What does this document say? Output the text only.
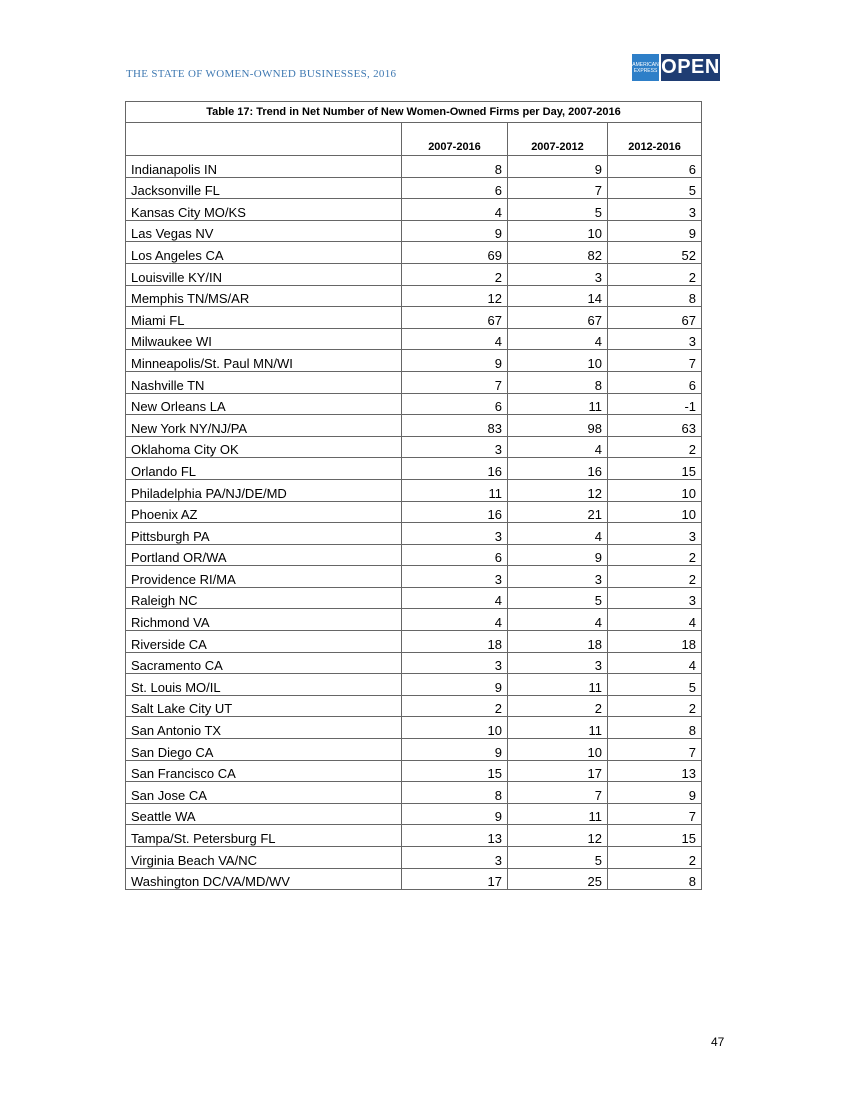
THE STATE OF WOMEN-OWNED BUSINESSES, 2016
AMERICAN EXPRESS OPEN
Table 17: Trend in Net Number of New Women-Owned Firms per Day, 2007-2016			
	2007-2016	2007-2012	2012-2016
Indianapolis IN	8	9	6
Jacksonville FL	6	7	5
Kansas City MO/KS	4	5	3
Las Vegas NV	9	10	9
Los Angeles CA	69	82	52
Louisville KY/IN	2	3	2
Memphis TN/MS/AR	12	14	8
Miami FL	67	67	67
Milwaukee WI	4	4	3
Minneapolis/St. Paul MN/WI	9	10	7
Nashville TN	7	8	6
New Orleans LA	6	11	-1
New York NY/NJ/PA	83	98	63
Oklahoma City OK	3	4	2
Orlando FL	16	16	15
Philadelphia PA/NJ/DE/MD	11	12	10
Phoenix AZ	16	21	10
Pittsburgh PA	3	4	3
Portland OR/WA	6	9	2
Providence RI/MA	3	3	2
Raleigh NC	4	5	3
Richmond VA	4	4	4
Riverside CA	18	18	18
Sacramento CA	3	3	4
St. Louis MO/IL	9	11	5
Salt Lake City UT	2	2	2
San Antonio TX	10	11	8
San Diego CA	9	10	7
San Francisco CA	15	17	13
San Jose CA	8	7	9
Seattle WA	9	11	7
Tampa/St. Petersburg FL	13	12	15
Virginia Beach VA/NC	3	5	2
Washington DC/VA/MD/WV	17	25	8
47
